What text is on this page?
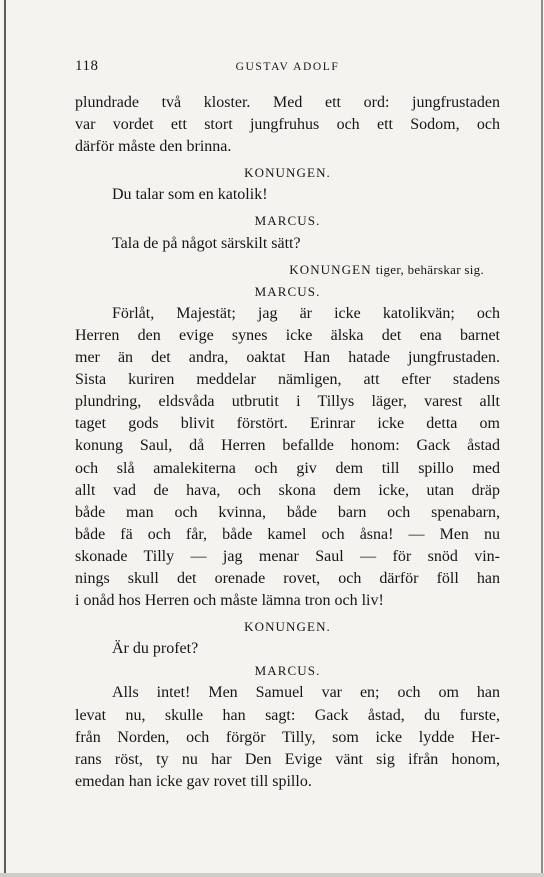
118	GUSTAV ADOLF
plundrade två kloster. Med ett ord: jungfrustaden
var vordet ett stort jungfruhus och ett Sodom, och
därför måste den brinna.
KONUNGEN.
Du talar som en katolik!
MARCUS.
Tala de på något särskilt sätt?
KONUNGEN tiger, behärskar sig.
MARCUS.
Förlåt, Majestät; jag är icke katolikvän; och
Herren den evige synes icke älska det ena barnet
mer än det andra, oaktat Han hatade jungfrustaden.
Sista kuriren meddelar nämligen, att efter stadens
plundring, eldsvåda utbrutit i Tillys läger, varest allt
taget gods blivit förstört. Erinrar icke detta om
konung Saul, då Herren befallde honom: Gack åstad
och slå amalekiterna och giv dem till spillo med
allt vad de hava, och skona dem icke, utan dräp
både man och kvinna, både barn och spenabarn,
både fä och får, både kamel och åsna! — Men nu
skonade Tilly — jag menar Saul — för snöd vin-
nings skull det orenade rovet, och därför föll han
i onåd hos Herren och måste lämna tron och liv!
KONUNGEN.
Är du profet?
MARCUS.
Alls intet! Men Samuel var en; och om han
levat nu, skulle han sagt: Gack åstad, du furste,
från Norden, och förgör Tilly, som icke lydde Her-
rans röst, ty nu har Den Evige vänt sig ifrån honom,
emedan han icke gav rovet till spillo.
